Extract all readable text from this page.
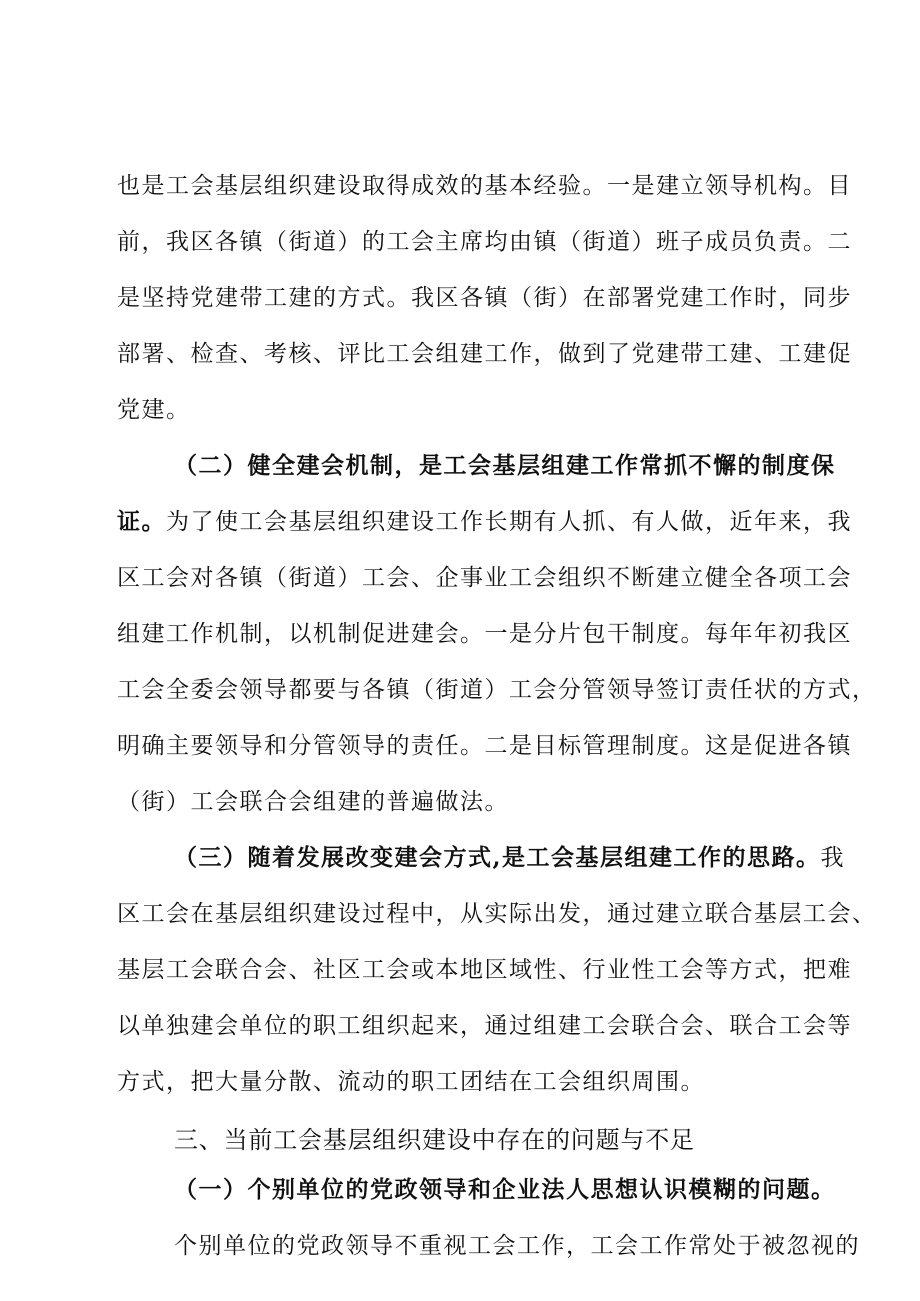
也是工会基层组织建设取得成效的基本经验。一是建立领导机构。目
前，我区各镇（街道）的工会主席均由镇（街道）班子成员负责。二
是坚持党建带工建的方式。我区各镇（街）在部署党建工作时，同步
部署、检查、考核、评比工会组建工作，做到了党建带工建、工建促
党建。
（二）健全建会机制，是工会基层组建工作常抓不懈的制度保
证。为了使工会基层组织建设工作长期有人抓、有人做，近年来，我
区工会对各镇（街道）工会、企事业工会组织不断建立健全各项工会
组建工作机制，以机制促进建会。一是分片包干制度。每年年初我区
工会全委会领导都要与各镇（街道）工会分管领导签订责任状的方式，
明确主要领导和分管领导的责任。二是目标管理制度。这是促进各镇
（街）工会联合会组建的普遍做法。
（三）随着发展改变建会方式,是工会基层组建工作的思路。我
区工会在基层组织建设过程中，从实际出发，通过建立联合基层工会、
基层工会联合会、社区工会或本地区域性、行业性工会等方式，把难
以单独建会单位的职工组织起来，通过组建工会联合会、联合工会等
方式，把大量分散、流动的职工团结在工会组织周围。
三、当前工会基层组织建设中存在的问题与不足
（一）个别单位的党政领导和企业法人思想认识模糊的问题。
个别单位的党政领导不重视工会工作，工会工作常处于被忽视的
